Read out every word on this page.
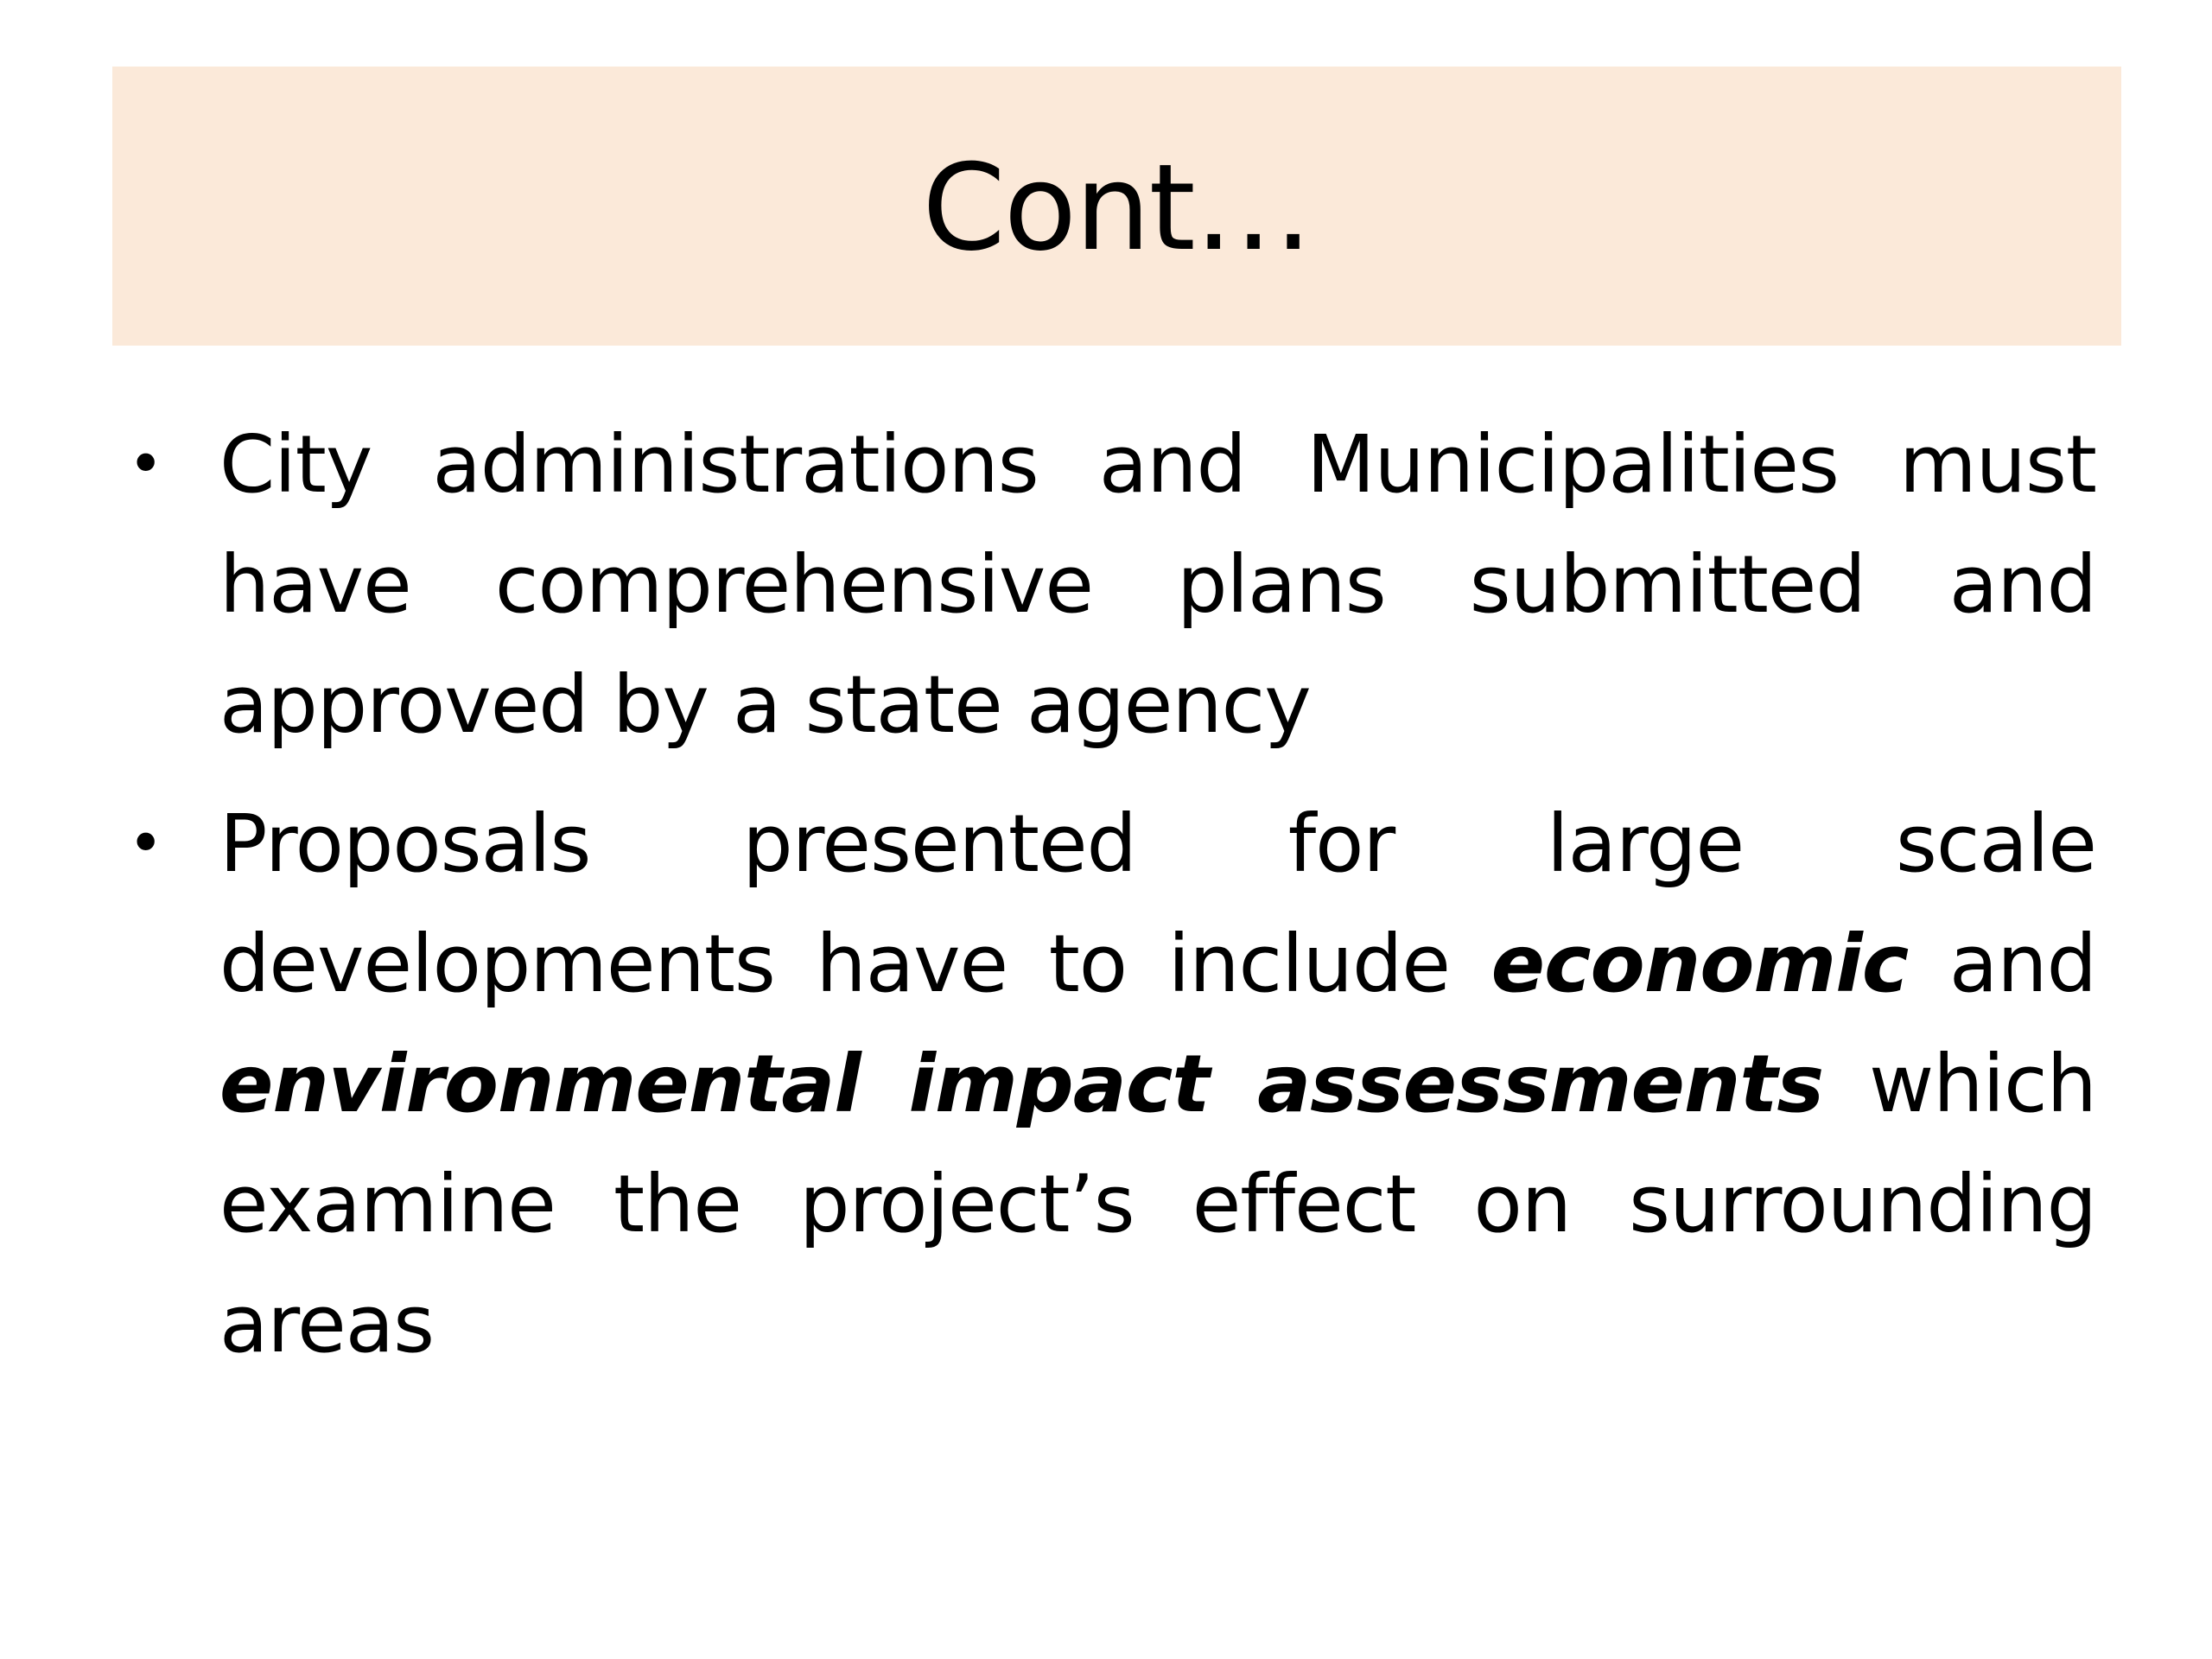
Cont…

• City administrations and Municipalities must have comprehensive plans submitted and approved by a state agency

• Proposals presented for large scale developments have to include economic and environmental impact assessments which examine the project’s effect on surrounding areas
